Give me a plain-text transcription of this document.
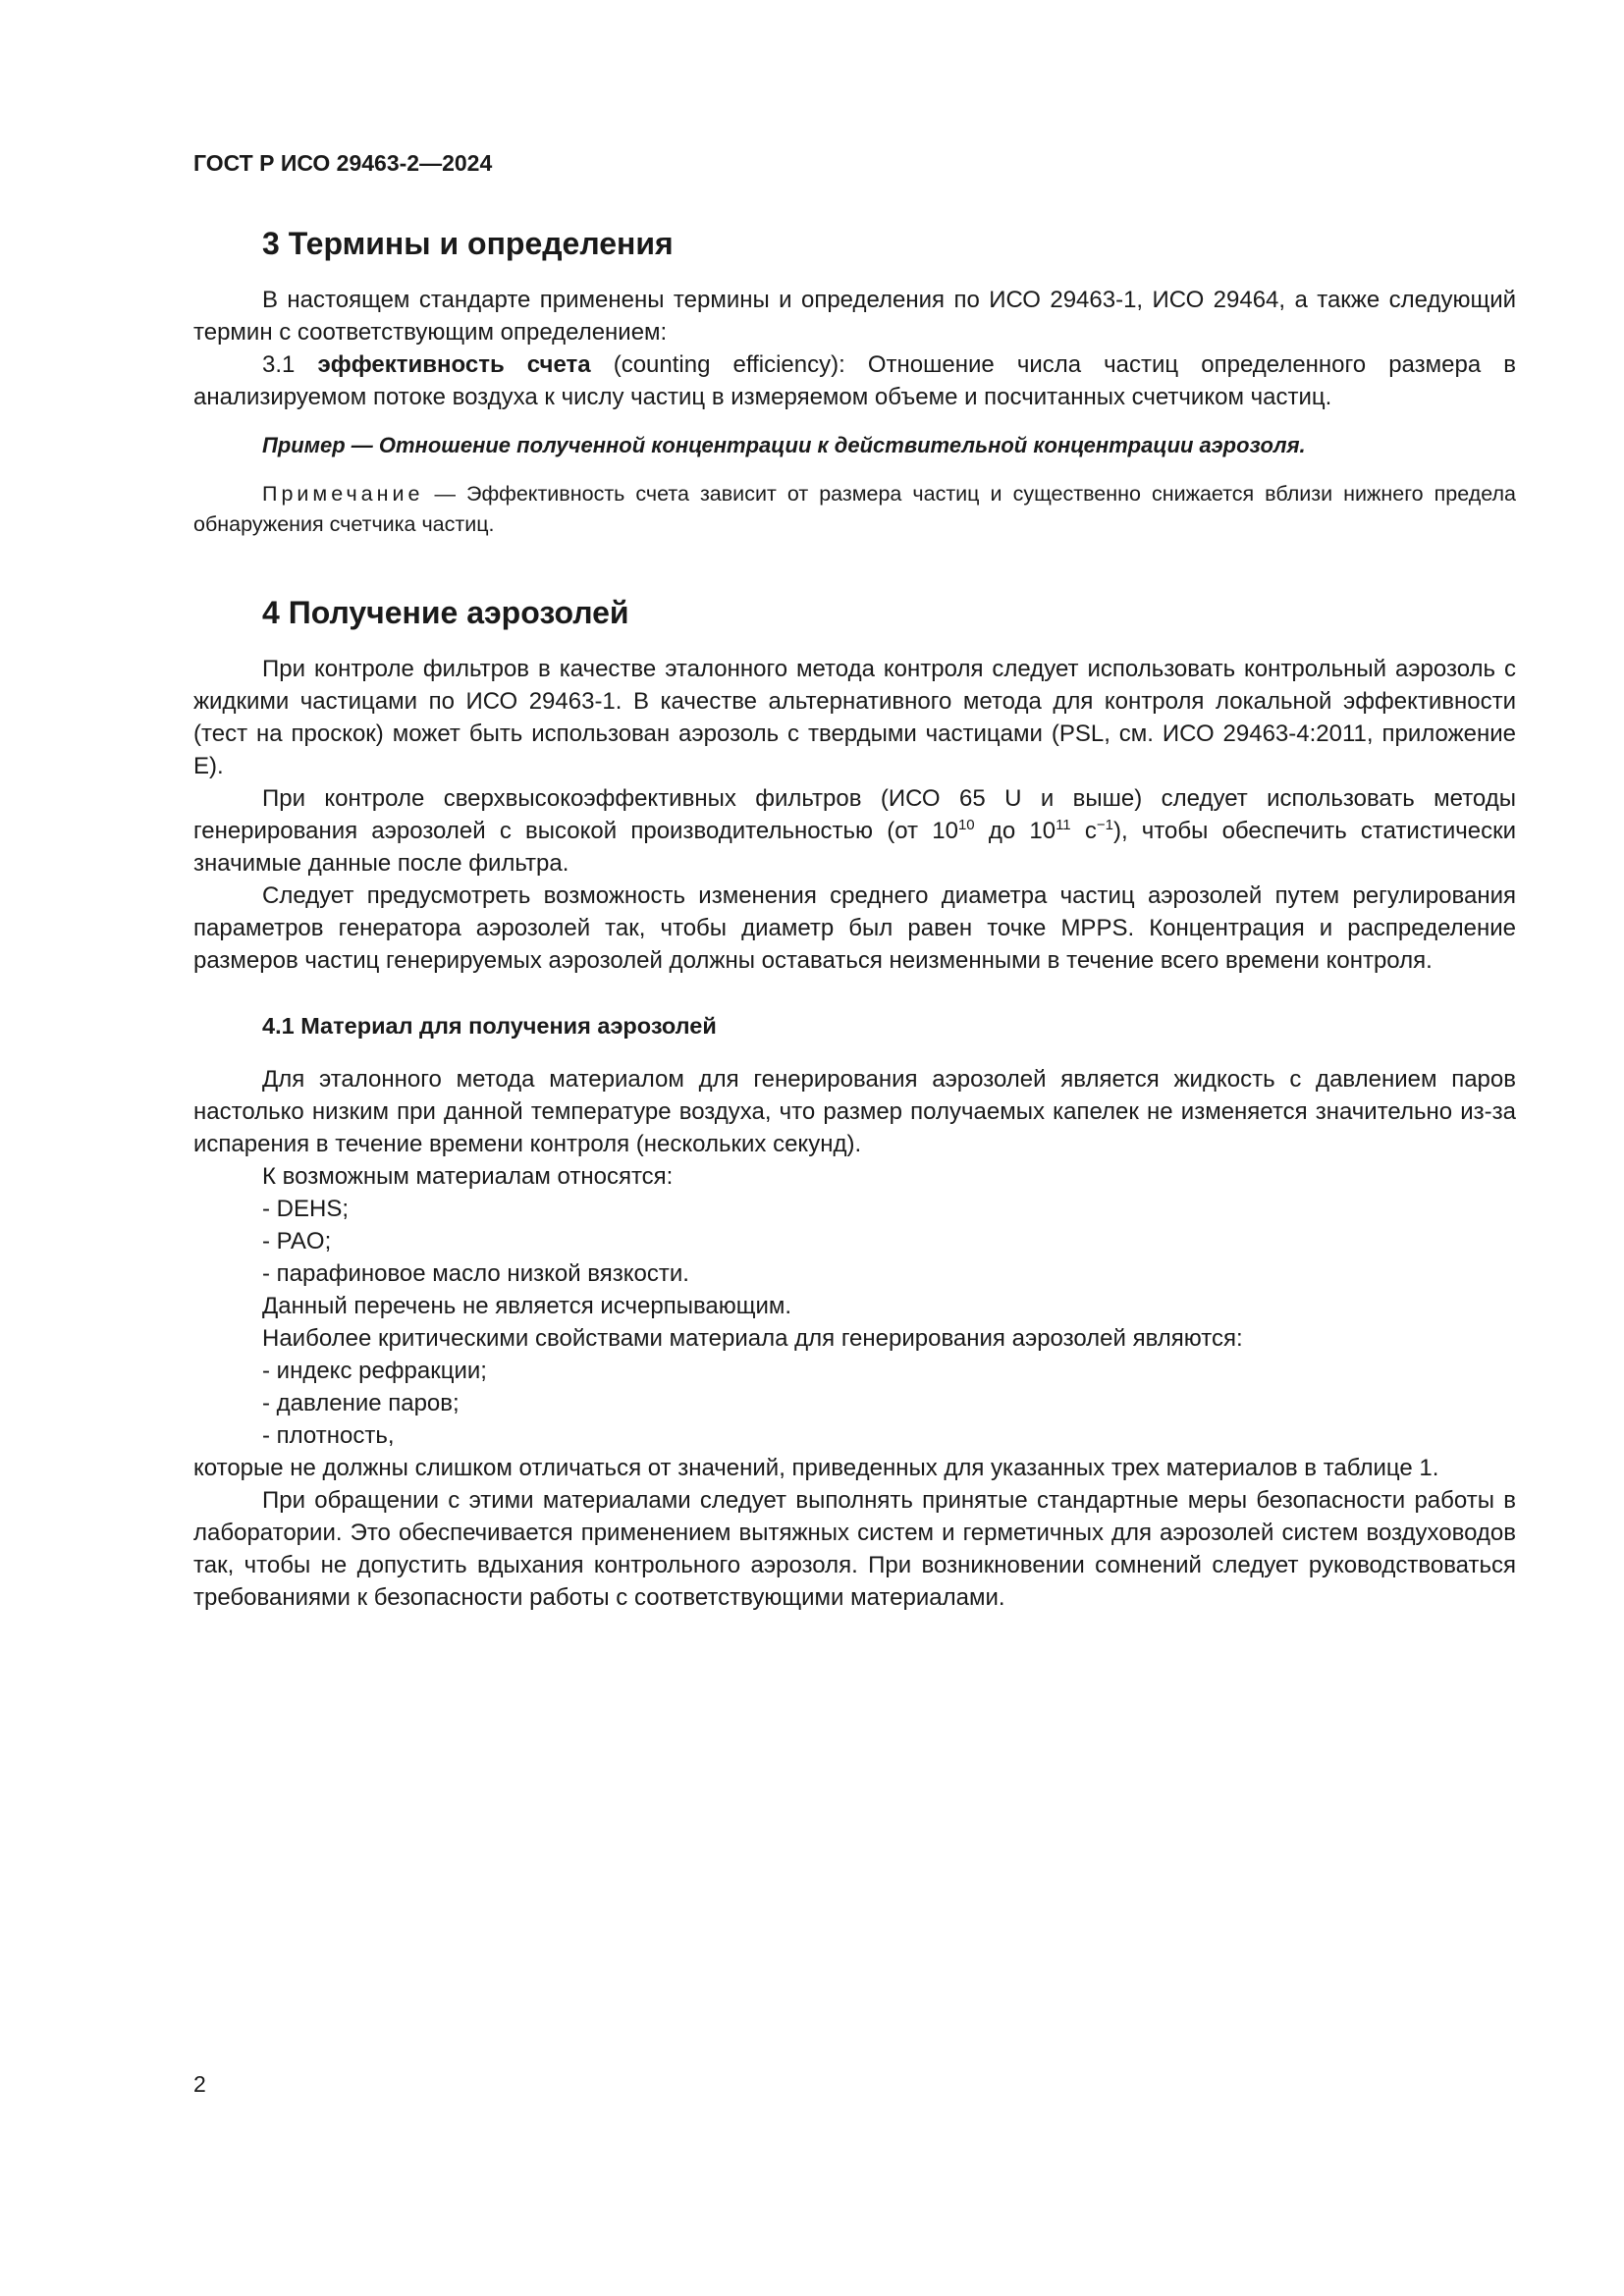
ГОСТ Р ИСО 29463-2—2024
3 Термины и определения

В настоящем стандарте применены термины и определения по ИСО 29463-1, ИСО 29464, а также следующий термин с соответствующим определением:

3.1 эффективность счета (counting efficiency): Отношение числа частиц определенного размера в анализируемом потоке воздуха к числу частиц в измеряемом объеме и посчитанных счетчиком частиц.

Пример — Отношение полученной концентрации к действительной концентрации аэрозоля.

Примечание — Эффективность счета зависит от размера частиц и существенно снижается вблизи нижнего предела обнаружения счетчика частиц.

4 Получение аэрозолей

При контроле фильтров в качестве эталонного метода контроля следует использовать контрольный аэрозоль с жидкими частицами по ИСО 29463-1. В качестве альтернативного метода для контроля локальной эффективности (тест на проскок) может быть использован аэрозоль с твердыми частицами (PSL, см. ИСО 29463-4:2011, приложение Е).

При контроле сверхвысокоэффективных фильтров (ИСО 65 U и выше) следует использовать методы генерирования аэрозолей с высокой производительностью (от $10^{10}$ до $10^{11}$ $с^{-1}$), чтобы обеспечить статистически значимые данные после фильтра.

Следует предусмотреть возможность изменения среднего диаметра частиц аэрозолей путем регулирования параметров генератора аэрозолей так, чтобы диаметр был равен точке MPPS. Концентрация и распределение размеров частиц генерируемых аэрозолей должны оставаться неизменными в течение всего времени контроля.

4.1 Материал для получения аэрозолей

Для эталонного метода материалом для генерирования аэрозолей является жидкость с давлением паров настолько низким при данной температуре воздуха, что размер получаемых капелек не изменяется значительно из-за испарения в течение времени контроля (нескольких секунд).

К возможным материалам относятся:

- DEHS;

- PAO;

- парафиновое масло низкой вязкости.

Данный перечень не является исчерпывающим.

Наиболее критическими свойствами материала для генерирования аэрозолей являются:

- индекс рефракции;

- давление паров;

- плотность,

которые не должны слишком отличаться от значений, приведенных для указанных трех материалов в таблице 1.

При обращении с этими материалами следует выполнять принятые стандартные меры безопасности работы в лаборатории. Это обеспечивается применением вытяжных систем и герметичных для аэрозолей систем воздуховодов так, чтобы не допустить вдыхания контрольного аэрозоля. При возникновении сомнений следует руководствоваться требованиями к безопасности работы с соответствующими материалами.

2
